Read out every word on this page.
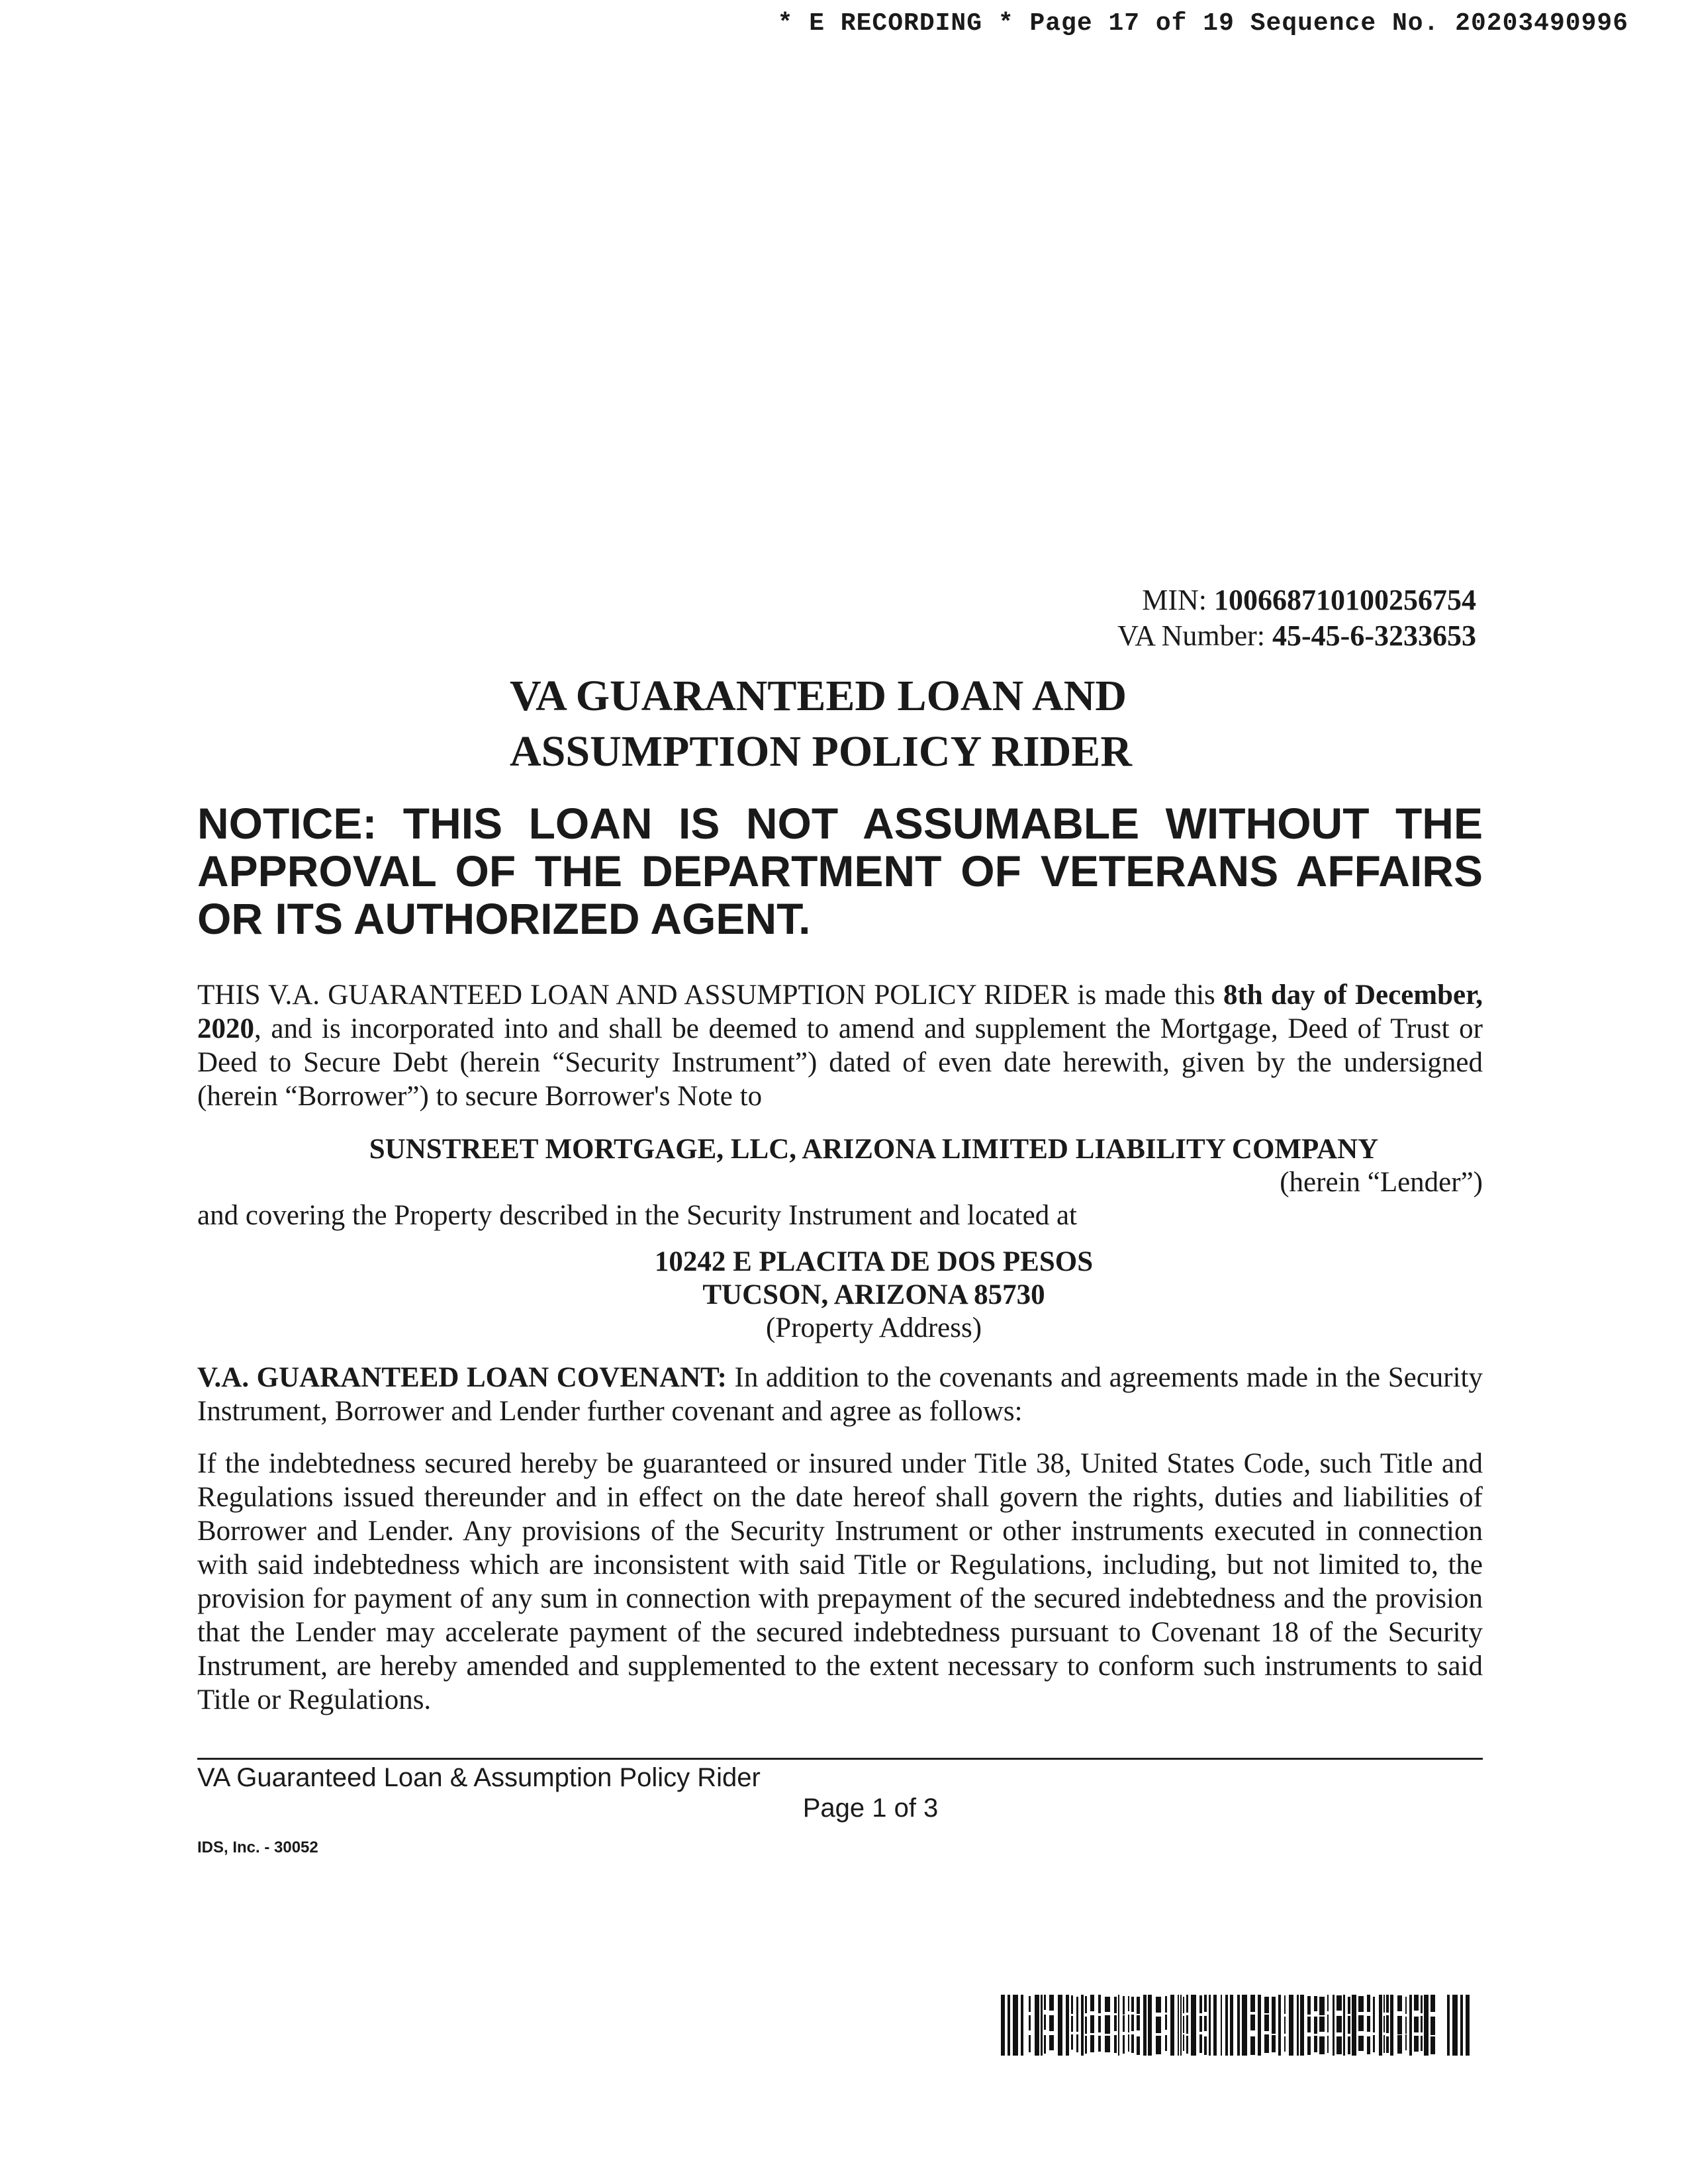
* E RECORDING * Page 17 of 19 Sequence No. 20203490996
MIN: 100668710100256754
VA Number: 45-45-6-3233653
VA GUARANTEED LOAN AND
ASSUMPTION POLICY RIDER
NOTICE: THIS LOAN IS NOT ASSUMABLE WITHOUT THE APPROVAL OF THE DEPARTMENT OF VETERANS AFFAIRS OR ITS AUTHORIZED AGENT.
THIS V.A. GUARANTEED LOAN AND ASSUMPTION POLICY RIDER is made this 8th day of December, 2020, and is incorporated into and shall be deemed to amend and supplement the Mortgage, Deed of Trust or Deed to Secure Debt (herein “Security Instrument”) dated of even date herewith, given by the undersigned (herein “Borrower”) to secure Borrower's Note to
SUNSTREET MORTGAGE, LLC, ARIZONA LIMITED LIABILITY COMPANY
(herein “Lender”)
and covering the Property described in the Security Instrument and located at
10242 E PLACITA DE DOS PESOS
TUCSON, ARIZONA 85730
(Property Address)
V.A. GUARANTEED LOAN COVENANT: In addition to the covenants and agreements made in the Security Instrument, Borrower and Lender further covenant and agree as follows:
If the indebtedness secured hereby be guaranteed or insured under Title 38, United States Code, such Title and Regulations issued thereunder and in effect on the date hereof shall govern the rights, duties and liabilities of Borrower and Lender. Any provisions of the Security Instrument or other instruments executed in connection with said indebtedness which are inconsistent with said Title or Regulations, including, but not limited to, the provision for payment of any sum in connection with prepayment of the secured indebtedness and the provision that the Lender may accelerate payment of the secured indebtedness pursuant to Covenant 18 of the Security Instrument, are hereby amended and supplemented to the extent necessary to conform such instruments to said Title or Regulations.
VA Guaranteed Loan & Assumption Policy Rider
Page 1 of 3
IDS, Inc. - 30052
